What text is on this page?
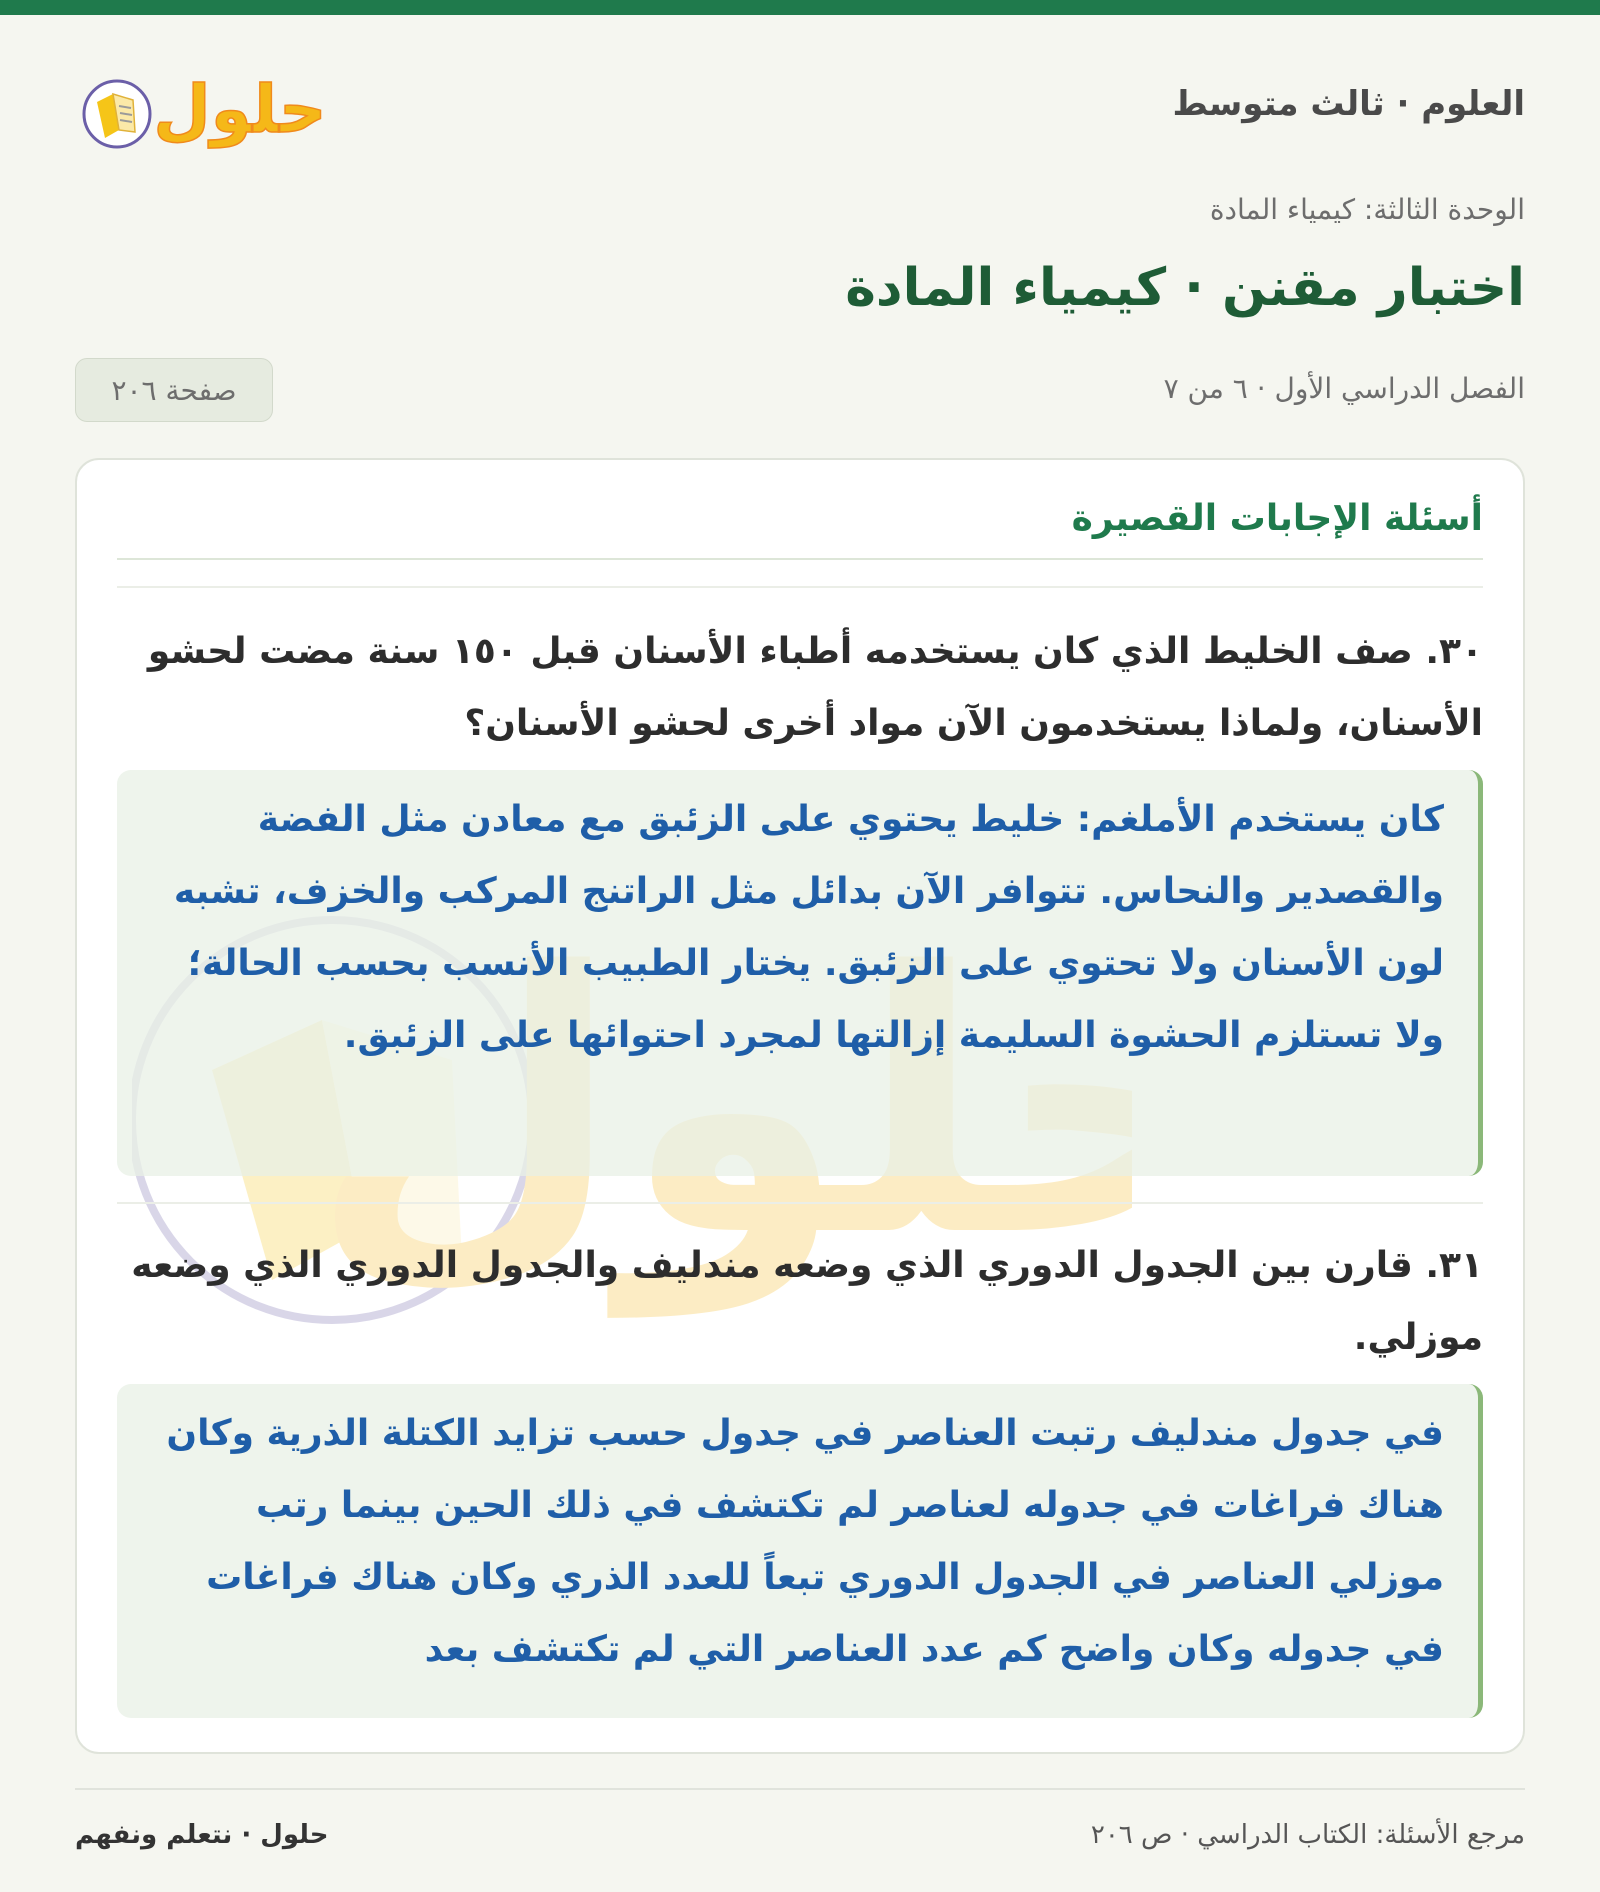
العلوم · ثالث متوسط
حلول
الوحدة الثالثة: كيمياء المادة
اختبار مقنن · كيمياء المادة
الفصل الدراسي الأول · ٦ من ٧
صفحة ٢٠٦
أسئلة الإجابات القصيرة
٣٠. صف الخليط الذي كان يستخدمه أطباء الأسنان قبل ١٥٠ سنة مضت لحشو الأسنان، ولماذا يستخدمون الآن مواد أخرى لحشو الأسنان؟
كان يستخدم الأملغم: خليط يحتوي على الزئبق مع معادن مثل الفضة والقصدير والنحاس. تتوافر الآن بدائل مثل الراتنج المركب والخزف، تشبه لون الأسنان ولا تحتوي على الزئبق. يختار الطبيب الأنسب بحسب الحالة؛ ولا تستلزم الحشوة السليمة إزالتها لمجرد احتوائها على الزئبق.
٣١. قارن بين الجدول الدوري الذي وضعه مندليف والجدول الدوري الذي وضعه موزلي.
في جدول مندليف رتبت العناصر في جدول حسب تزايد الكتلة الذرية وكان هناك فراغات في جدوله لعناصر لم تكتشف في ذلك الحين بينما رتب موزلي العناصر في الجدول الدوري تبعاً للعدد الذري وكان هناك فراغات في جدوله وكان واضح كم عدد العناصر التي لم تكتشف بعد
مرجع الأسئلة: الكتاب الدراسي · ص ٢٠٦
حلول · نتعلم ونفهم
